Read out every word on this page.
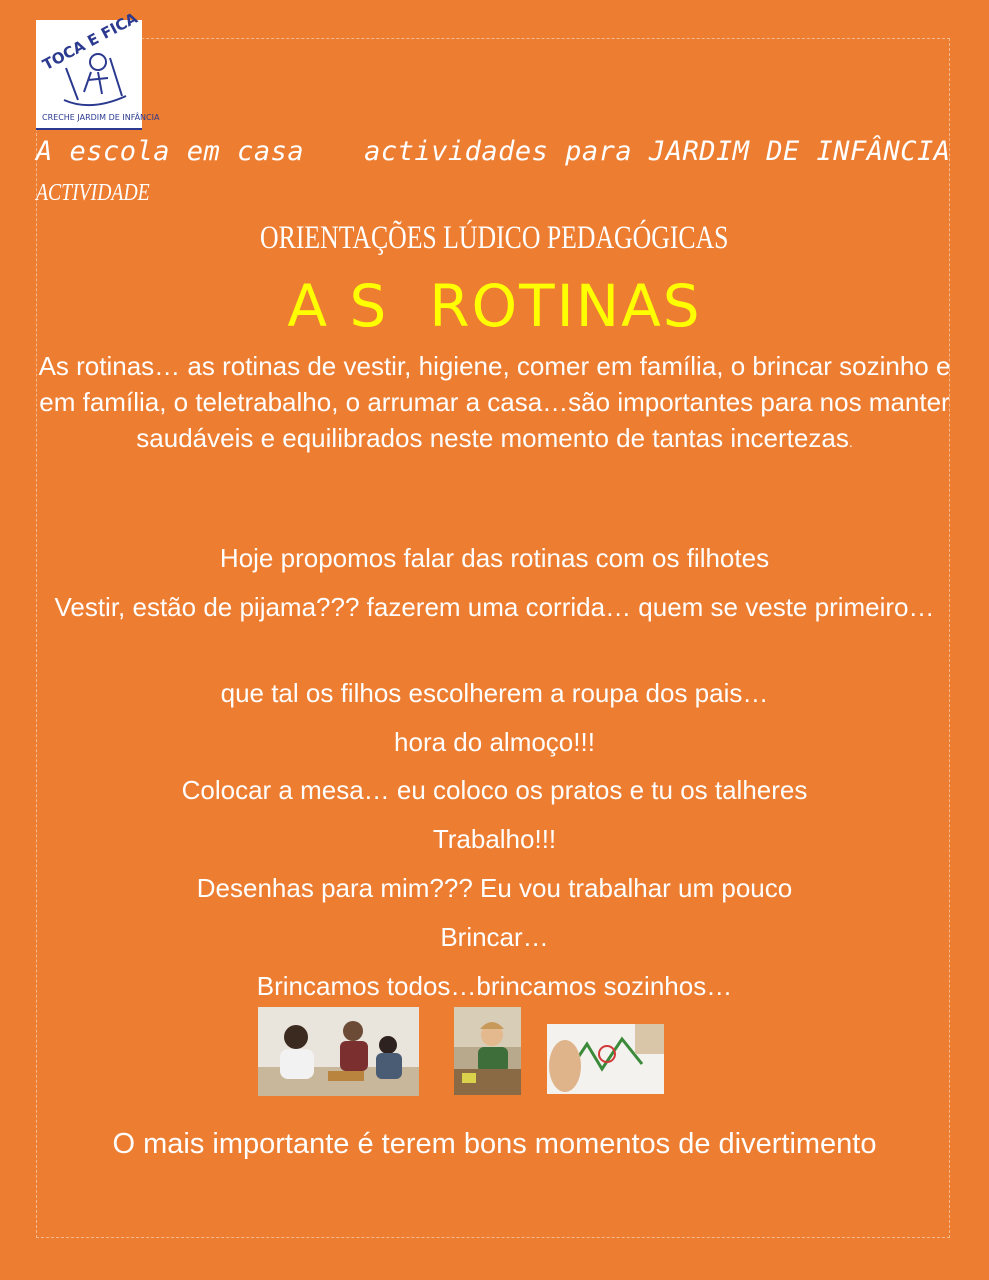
TOCA E FICA
CRECHE JARDIM DE INFÂNCIA
A escola em casa actividades para JARDIM DE INFÂNCIA
ACTIVIDADE
ORIENTAÇÕES LÚDICO PEDAGÓGICAS
A S  ROTINAS
As rotinas… as rotinas de vestir, higiene, comer em família, o brincar sozinho e em família, o teletrabalho, o arrumar a casa…são importantes para nos manter saudáveis e equilibrados neste momento de tantas incertezas.
Hoje propomos falar das rotinas com os filhotes
Vestir, estão de pijama??? fazerem uma corrida… quem se veste primeiro…
que tal os filhos escolherem a roupa dos pais…
hora do almoço!!!
Colocar a mesa… eu coloco os pratos e tu os talheres
Trabalho!!!
Desenhas para mim??? Eu vou trabalhar um pouco
Brincar…
Brincamos todos…brincamos sozinhos…
O mais importante é terem bons momentos de divertimento
